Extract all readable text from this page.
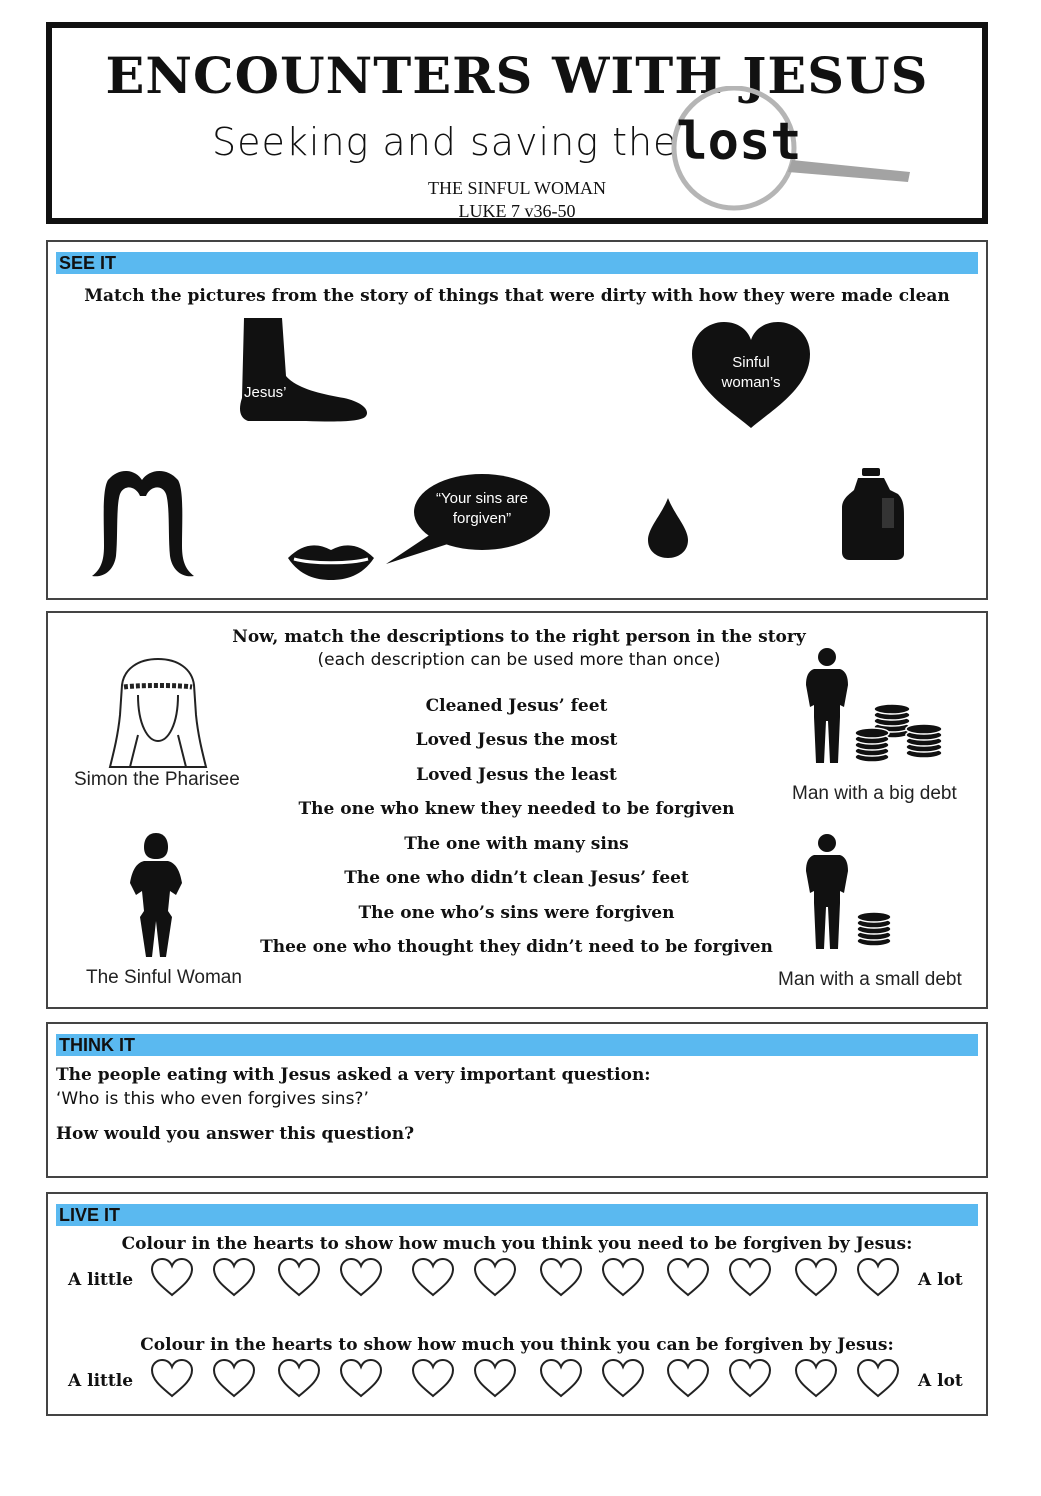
ENCOUNTERS WITH JESUS
Seeking and saving the
lost
THE SINFUL WOMAN
LUKE 7 v36-50
SEE IT
Match the pictures from the story of things that were dirty with how they were made clean
Jesus’
Sinful
woman’s
“Your sins are
forgiven”
Now, match the descriptions to the right person in the story
(each description can be used more than once)
Simon the Pharisee
Man with a big debt
The Sinful Woman	Man with a small debt
Cleaned Jesus’ feet
Loved Jesus the most
Loved Jesus the least
The one who knew they needed to be forgiven
The one with many sins
The one who didn’t clean Jesus’ feet
The one who’s sins were forgiven
Thee one who thought they didn’t need to be forgiven
THINK IT
The people eating with Jesus asked a very important question:
‘Who is this who even forgives sins?’
How would you answer this question?
LIVE IT
Colour in the hearts to show how much you think you need to be forgiven by Jesus:
A little	A lot
Colour in the hearts to show how much you think you can be forgiven by Jesus:
A little	A lot
